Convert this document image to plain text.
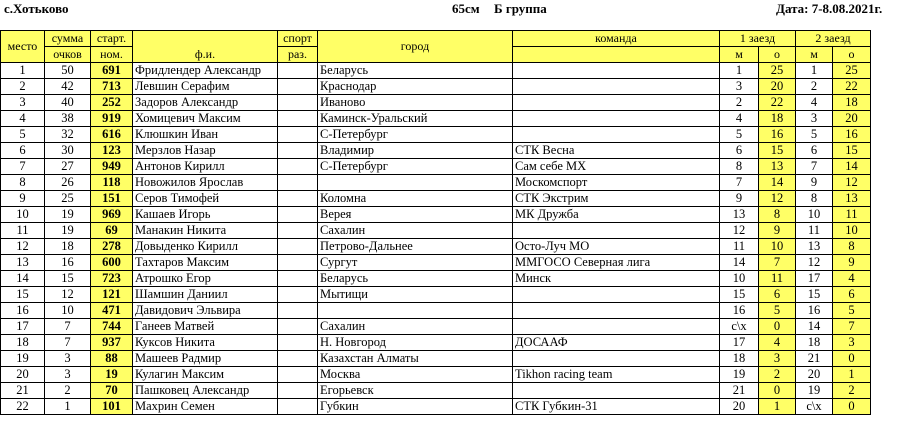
с.Хотьково	65см Б группа	Дата: 7-8.08.2021г.
место	сумма	старт.	ф.и.	спорт	город	команда	1 заезд		2 заезд	
	очков	ном.		раз.			м	о	м	о
1	50	691	Фридлендер Александр		Беларусь		1	25	1	25
2	42	713	Левшин Серафим		Краснодар		3	20	2	22
3	40	252	Задоров Александр		Иваново		2	22	4	18
4	38	919	Хомицевич Максим		Каминск-Уральский		4	18	3	20
5	32	616	Клюшкин Иван		С-Петербург		5	16	5	16
6	30	123	Мерзлов Назар		Владимир	СТК Весна	6	15	6	15
7	27	949	Антонов Кирилл		С-Петербург	Сам себе МХ	8	13	7	14
8	26	118	Новожилов Ярослав			Москомспорт	7	14	9	12
9	25	151	Серов Тимофей		Коломна	СТК Экстрим	9	12	8	13
10	19	969	Кашаев Игорь		Верея	МК Дружба	13	8	10	11
11	19	69	Манакин Никита		Сахалин		12	9	11	10
12	18	278	Довыденко Кирилл		Петрово-Дальнее	Осто-Луч МО	11	10	13	8
13	16	600	Тахтаров Максим		Сургут	ММГОСО Северная лига	14	7	12	9
14	15	723	Атрошко Егор		Беларусь	Минск	10	11	17	4
15	12	121	Шамшин Даниил		Мытищи		15	6	15	6
16	10	471	Давидович Эльвира				16	5	16	5
17	7	744	Ганеев Матвей		Сахалин		с\х	0	14	7
18	7	937	Куксов Никита		Н. Новгород	ДОСААФ	17	4	18	3
19	3	88	Машеев Радмир		Казахстан Алматы		18	3	21	0
20	3	19	Кулагин Максим		Москва	Tikhon racing team	19	2	20	1
21	2	70	Пашковец Александр		Егорьевск		21	0	19	2
22	1	101	Махрин Семен		Губкин	СТК Губкин-31	20	1	с\х	0
